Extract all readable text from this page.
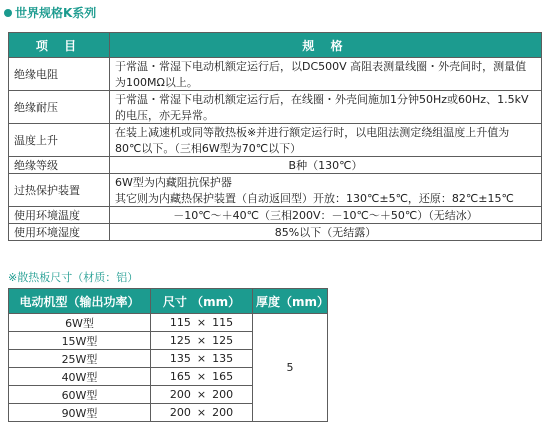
世界规格K系列
项 目	规 格
绝缘电阻	于常温・常湿下电动机额定运行后，以DC500V 高阻表测量线圈・外壳间时，测量值
为100MΩ以上。

绝缘耐压	于常温・常湿下电动机额定运行后，在线圈・外壳间施加1分钟50Hz或60Hz、1.5kV
的电压，亦无异常。

温度上升	在装上减速机或同等散热板※并进行额定运行时，以电阻法测定绕组温度上升值为
80℃以下。（三相6W型为70℃以下）

绝缘等级	B种（130℃）

过热保护装置	6W型为内藏阻抗保护器
其它则为内藏热保护装置（自动返回型）开放：130℃±5℃，还原：82℃±15℃

使用环境温度	－10℃～＋40℃（三相200V：－10℃～＋50℃）（无结冰）

使用环境湿度	85%以下（无结露）
※散热板尺寸（材质：铝）
电动机型（输出功率）	尺寸 （mm）	厚度（mm）
6W型	115 × 115	5
15W型	125 × 125	
25W型	135 × 135	
40W型	165 × 165	
60W型	200 × 200	
90W型	200 × 200	
